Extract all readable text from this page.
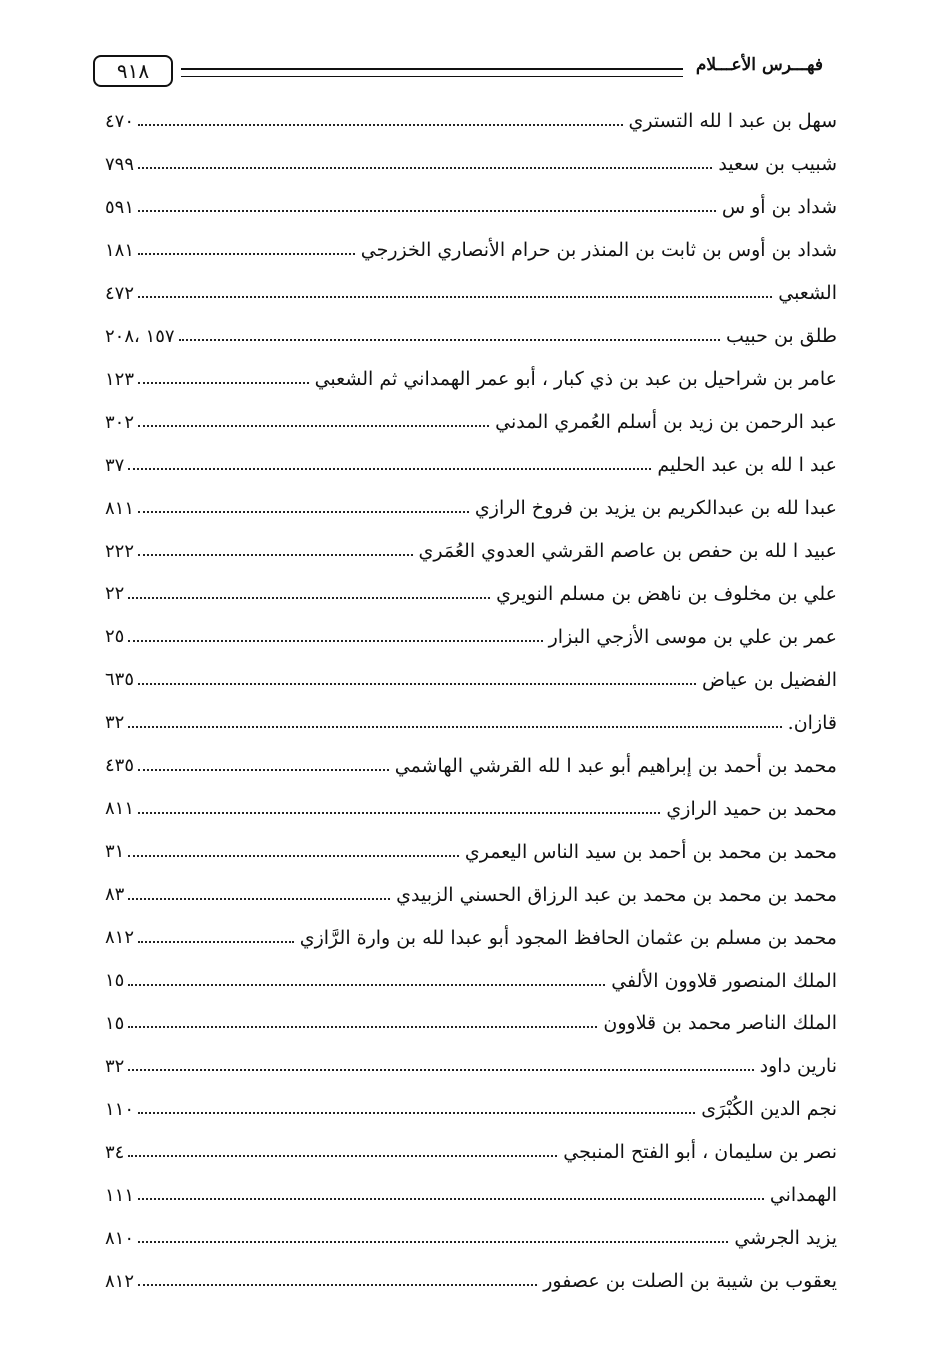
٩١٨	فهـــرس الأعـــلام
سهل بن عبد ا لله التستري
٤٧٠
شبيب بن سعيد
٧٩٩
شداد بن أو س
٥٩١
شداد بن أوس بن ثابت بن المنذر بن حرام الأنصاري الخزرجي
١٨١
الشعبي
٤٧٢
طلق بن حبيب
١٥٧ ،٢٠٨
عامر بن شراحيل بن عبد بن ذي كبار ، أبو عمر الهمداني ثم الشعبي
١٢٣
عبد الرحمن بن زيد بن أسلم العُمري المدني
٣٠٢
عبد ا لله بن عبد الحليم
٣٧
عبدا لله بن عبدالكريم بن يزيد بن فروخ الرازي
٨١١
عبيد ا لله بن حفص بن عاصم القرشي العدوي العُمَري
٢٢٢
علي بن مخلوف بن ناهض بن مسلم النويري
٢٢
عمر بن علي بن موسى الأزجي البزار
٢٥
الفضيل بن عياض
٦٣٥
قازان.
٣٢
محمد بن أحمد بن إبراهيم أبو عبد ا لله القرشي الهاشمي
٤٣٥
محمد بن حميد الرازي
٨١١
محمد بن محمد بن أحمد بن سيد الناس اليعمري
٣١
محمد بن محمد بن محمد بن عبد الرزاق الحسني الزبيدي
٨٣
محمد بن مسلم بن عثمان الحافظ المجود أبو عبدا لله بن وارة الرَّازي
٨١٢
الملك المنصور قلاوون الألفي
١٥
الملك الناصر محمد بن قلاوون
١٥
نارين داود
٣٢
نجم الدين الكُبْرَى
١١٠
نصر بن سليمان ، أبو الفتح المنبجي
٣٤
الهمداني
١١١
يزيد الجرشي
٨١٠
يعقوب بن شيبة بن الصلت بن عصفور
٨١٢
